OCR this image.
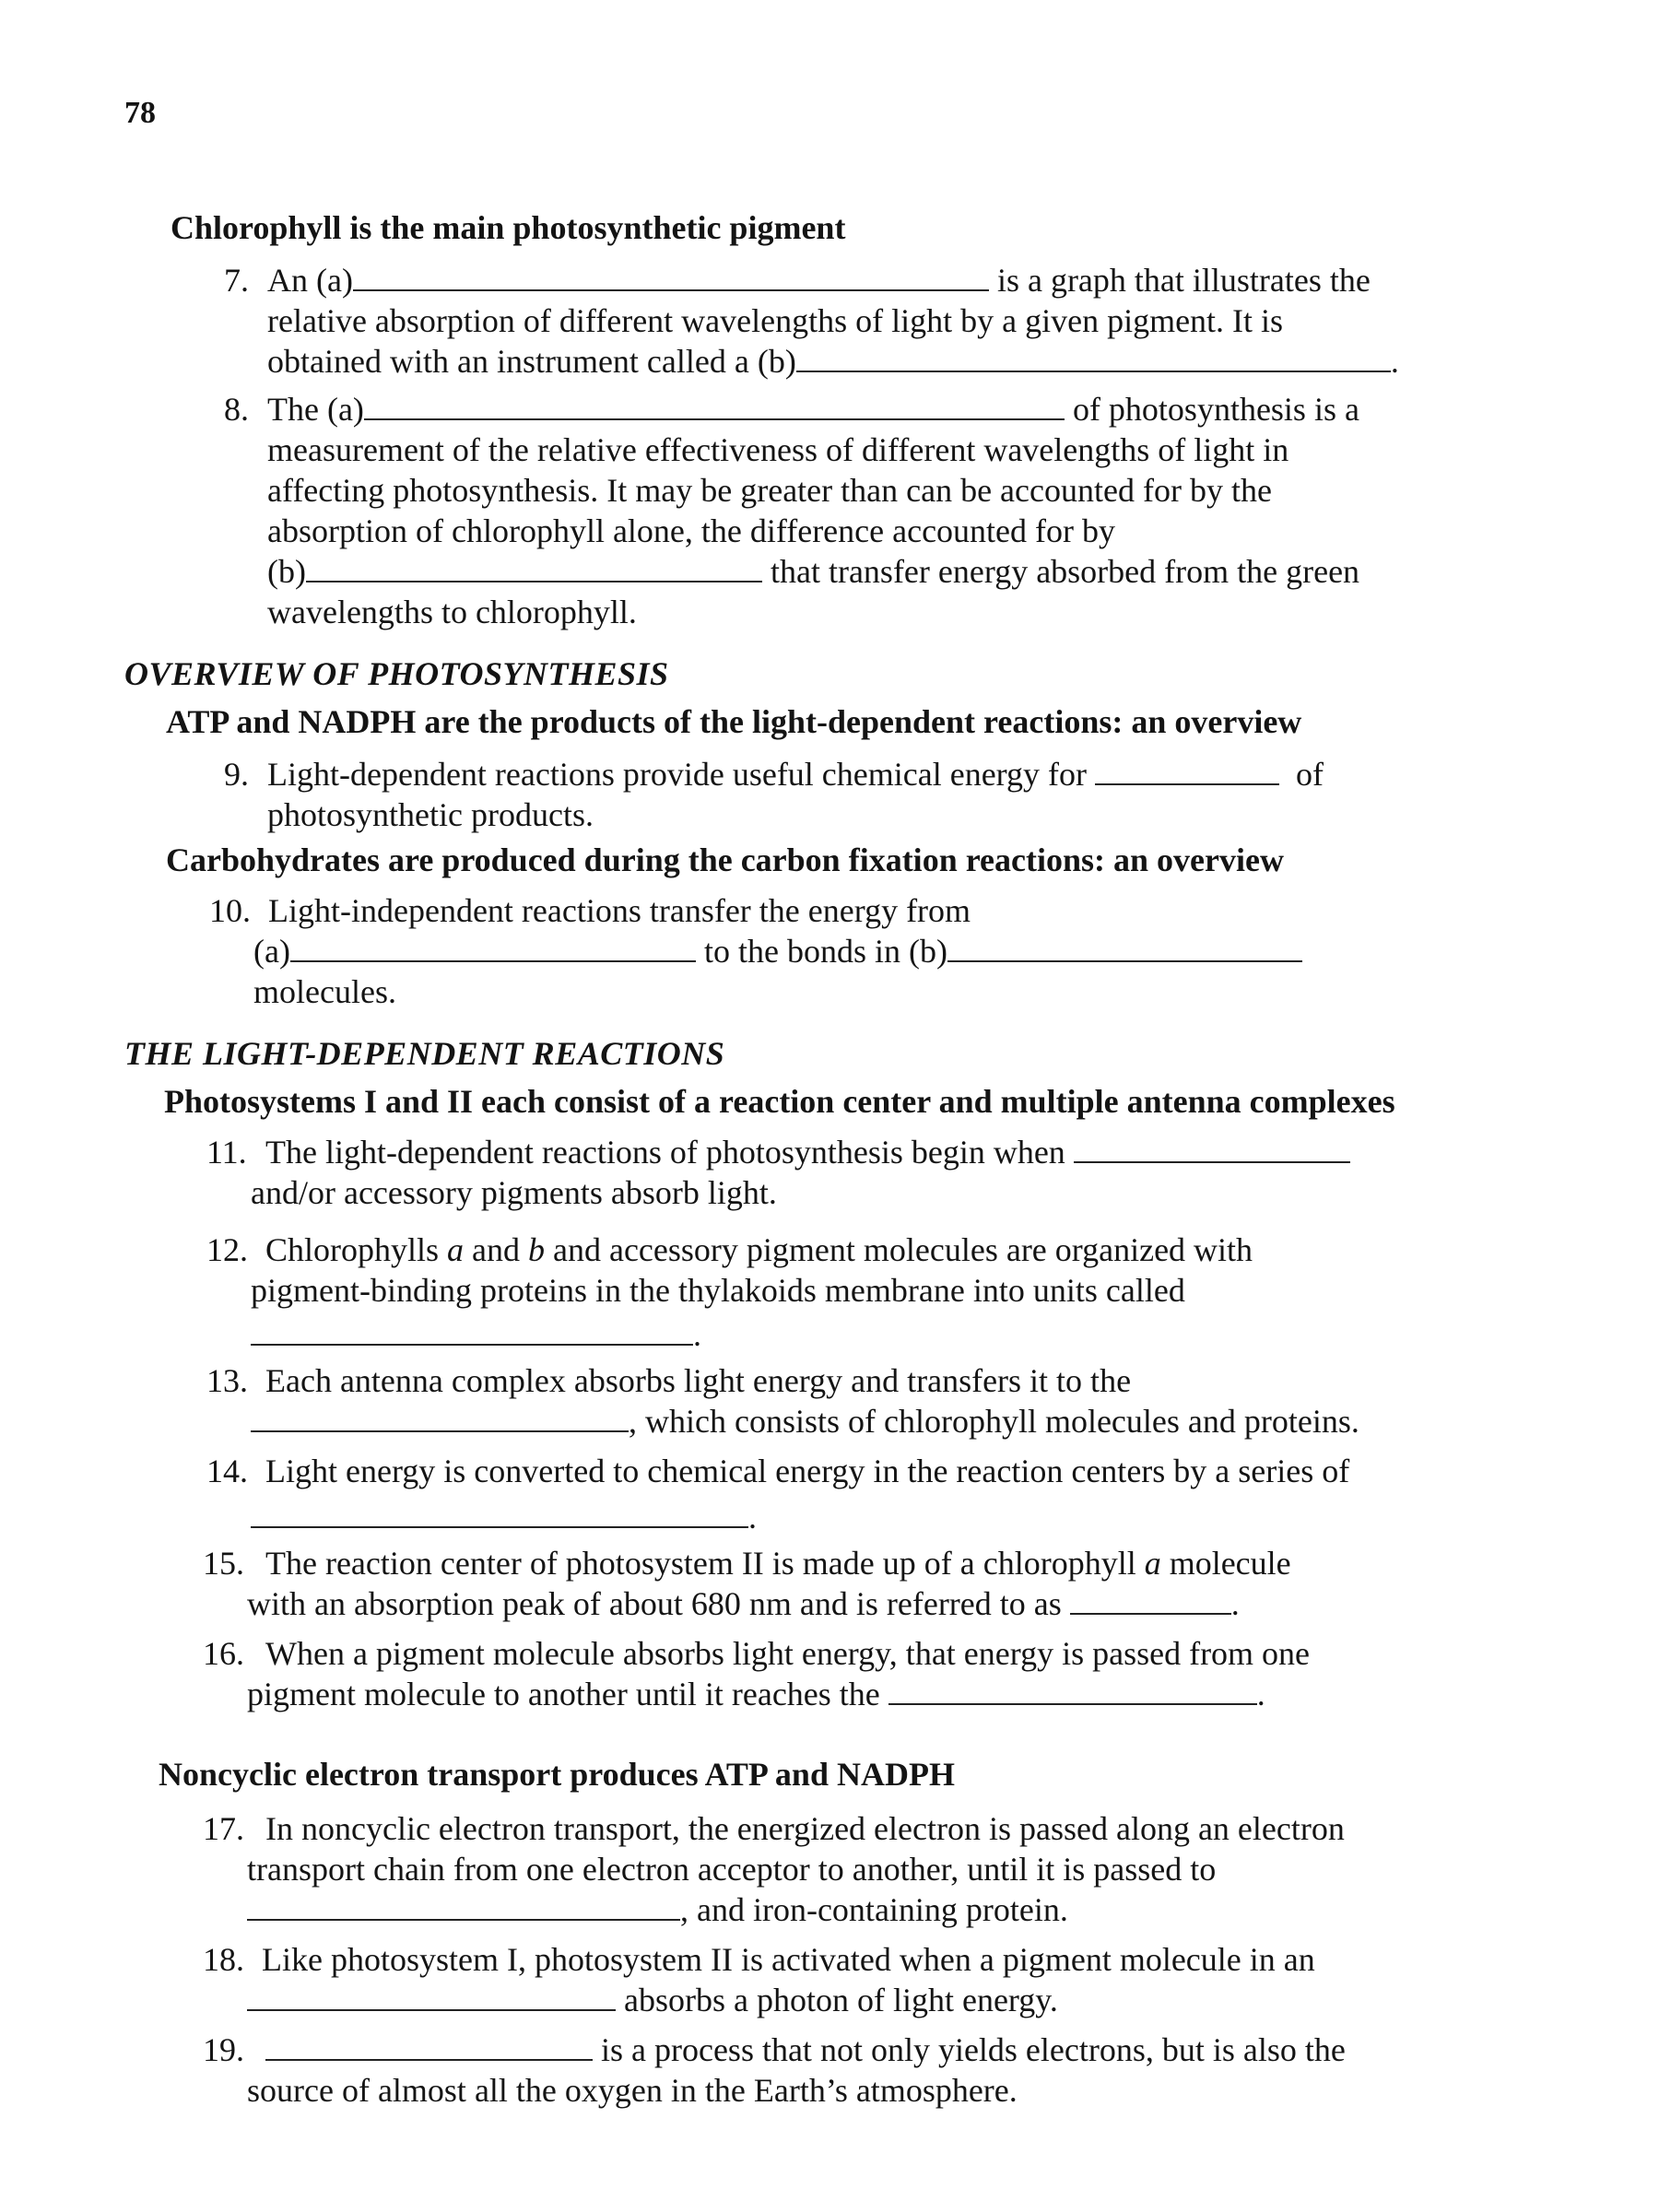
78
Chlorophyll is the main photosynthetic pigment
7. An (a)	is a graph that illustrates the
relative absorption of different wavelengths of light by a given pigment. It is
obtained with an instrument called a (b)	.
8. The (a)	of photosynthesis is a
measurement of the relative effectiveness of different wavelengths of light in
affecting photosynthesis. It may be greater than can be accounted for by the
absorption of chlorophyll alone, the difference accounted for by
(b)	that transfer energy absorbed from the green
wavelengths to chlorophyll.
OVERVIEW OF PHOTOSYNTHESIS
ATP and NADPH are the products of the light-dependent reactions: an overview
9. Light-dependent reactions provide useful chemical energy for	of
photosynthetic products.
Carbohydrates are produced during the carbon fixation reactions: an overview
10. Light-independent reactions transfer the energy from
(a)	to the bonds in (b)
molecules.
THE LIGHT-DEPENDENT REACTIONS
Photosystems I and II each consist of a reaction center and multiple antenna complexes
11. The light-dependent reactions of photosynthesis begin when
and/or accessory pigments absorb light.
12. Chlorophylls a and b and accessory pigment molecules are organized with
pigment-binding proteins in the thylakoids membrane into units called
.
13. Each antenna complex absorbs light energy and transfers it to the
, which consists of chlorophyll molecules and proteins.
14. Light energy is converted to chemical energy in the reaction centers by a series of
.
15. The reaction center of photosystem II is made up of a chlorophyll a molecule
with an absorption peak of about 680 nm and is referred to as	.
16. When a pigment molecule absorbs light energy, that energy is passed from one
pigment molecule to another until it reaches the	.
Noncyclic electron transport produces ATP and NADPH
17. In noncyclic electron transport, the energized electron is passed along an electron
transport chain from one electron acceptor to another, until it is passed to
, and iron-containing protein.
18. Like photosystem I, photosystem II is activated when a pigment molecule in an
absorbs a photon of light energy.
19.	is a process that not only yields electrons, but is also the
source of almost all the oxygen in the Earth’s atmosphere.
